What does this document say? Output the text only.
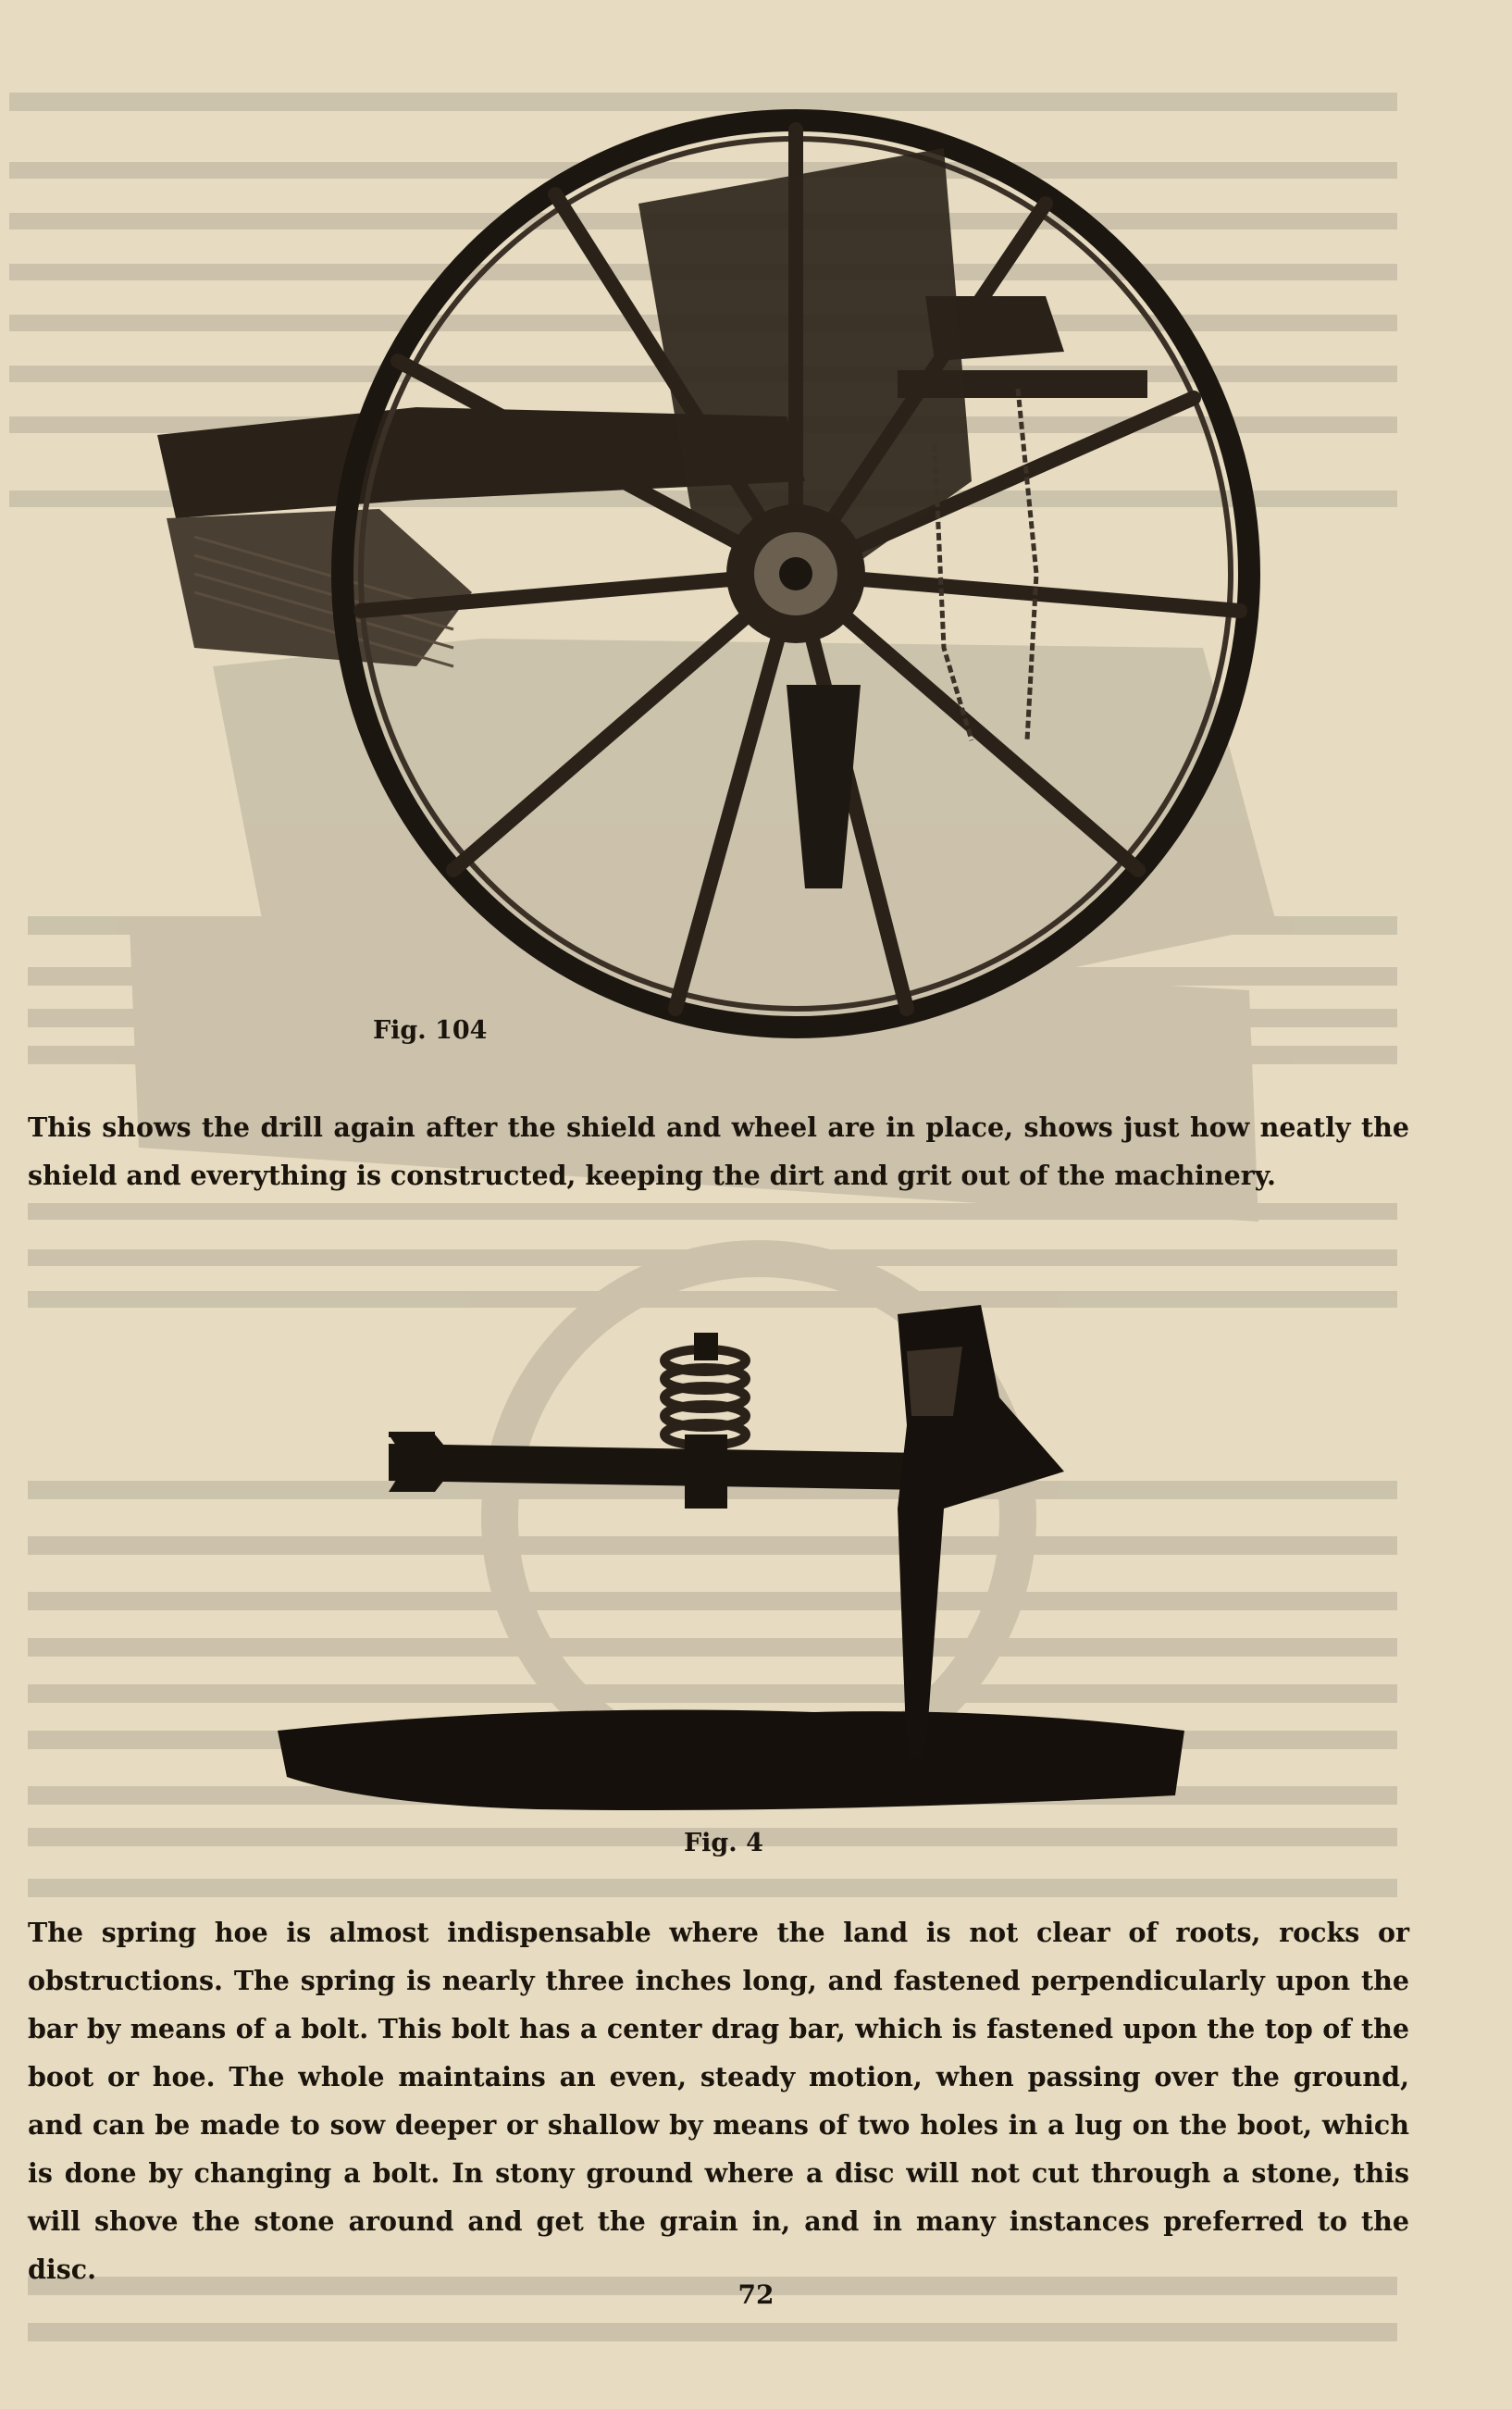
Fig. 104

This shows the drill again after the shield and wheel are in place, shows just how neatly the shield and everything is constructed, keeping the dirt and grit out of the machinery.

Fig. 4

The spring hoe is almost indispensable where the land is not clear of roots, rocks or obstructions. The spring is nearly three inches long, and fastened perpendicularly upon the bar by means of a bolt. This bolt has a center drag bar, which is fastened upon the top of the boot or hoe. The whole maintains an even, steady motion, when passing over the ground, and can be made to sow deeper or shallow by means of two holes in a lug on the boot, which is done by changing a bolt. In stony ground where a disc will not cut through a stone, this will shove the stone around and get the grain in, and in many instances preferred to the disc.

72
